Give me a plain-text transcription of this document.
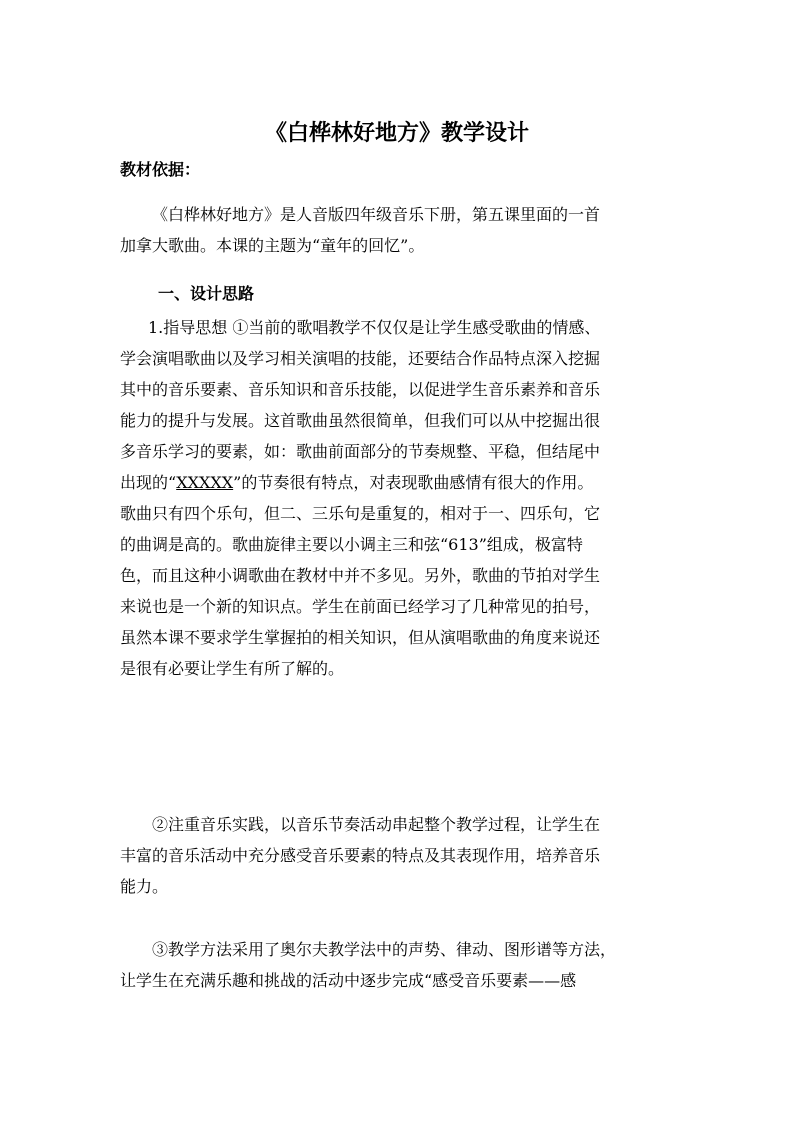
《白桦林好地方》教学设计
教材依据：
《白桦林好地方》是人音版四年级音乐下册，第五课里面的一首
加拿大歌曲。本课的主题为“童年的回忆”。
一、设计思路
1.指导思想 ①当前的歌唱教学不仅仅是让学生感受歌曲的情感、
学会演唱歌曲以及学习相关演唱的技能，还要结合作品特点深入挖掘
其中的音乐要素、音乐知识和音乐技能，以促进学生音乐素养和音乐
能力的提升与发展。这首歌曲虽然很简单，但我们可以从中挖掘出很
多音乐学习的要素，如：歌曲前面部分的节奏规整、平稳，但结尾中
出现的“XXXXX”的节奏很有特点，对表现歌曲感情有很大的作用。
歌曲只有四个乐句，但二、三乐句是重复的，相对于一、四乐句，它
的曲调是高的。歌曲旋律主要以小调主三和弦“613”组成，极富特
色，而且这种小调歌曲在教材中并不多见。另外，歌曲的节拍对学生
来说也是一个新的知识点。学生在前面已经学习了几种常见的拍号，
虽然本课不要求学生掌握拍的相关知识，但从演唱歌曲的角度来说还
是很有必要让学生有所了解的。
②注重音乐实践，以音乐节奏活动串起整个教学过程，让学生在
丰富的音乐活动中充分感受音乐要素的特点及其表现作用，培养音乐
能力。
③教学方法采用了奥尔夫教学法中的声势、律动、图形谱等方法，
让学生在充满乐趣和挑战的活动中逐步完成“感受音乐要素——感
